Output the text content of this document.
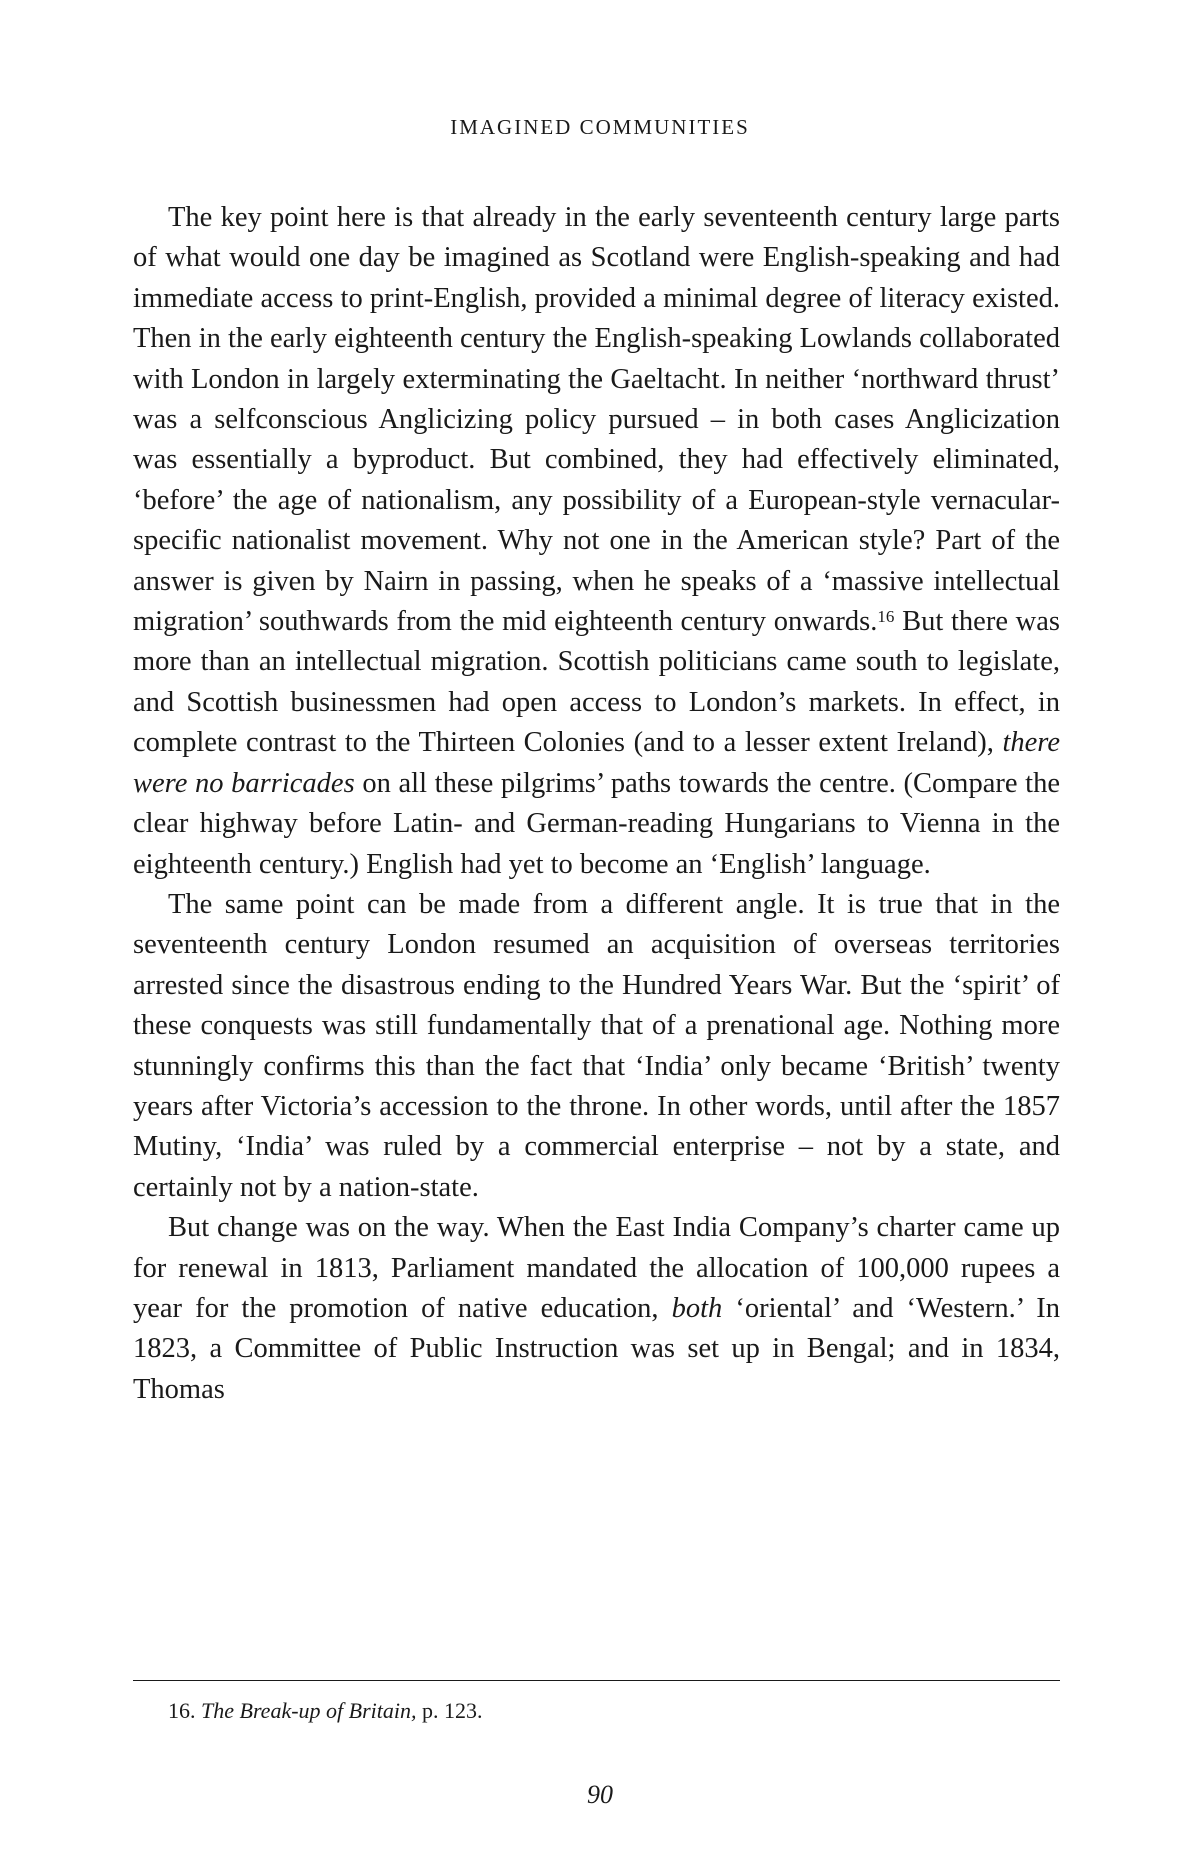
IMAGINED COMMUNITIES

The key point here is that already in the early seventeenth century large parts of what would one day be imagined as Scotland were English-speaking and had immediate access to print-English, provided a minimal degree of literacy existed. Then in the early eighteenth century the English-speaking Lowlands collaborated with London in largely exterminating the Gaeltacht. In neither ‘northward thrust’ was a selfconscious Anglicizing policy pursued – in both cases Anglicization was essentially a byproduct. But combined, they had effectively eliminated, ‘before’ the age of nationalism, any possibility of a European-style vernacular-specific nationalist movement. Why not one in the American style? Part of the answer is given by Nairn in passing, when he speaks of a ‘massive intellectual migration’ southwards from the mid eighteenth century onwards.$^{16}$ But there was more than an intellectual migration. Scottish politicians came south to legislate, and Scottish businessmen had open access to London’s markets. In effect, in complete contrast to the Thirteen Colonies (and to a lesser extent Ireland), there were no barricades on all these pilgrims’ paths towards the centre. (Compare the clear highway before Latin- and German-reading Hungarians to Vienna in the eighteenth century.) English had yet to become an ‘English’ language.

The same point can be made from a different angle. It is true that in the seventeenth century London resumed an acquisition of overseas territories arrested since the disastrous ending to the Hundred Years War. But the ‘spirit’ of these conquests was still fundamentally that of a prenational age. Nothing more stunningly confirms this than the fact that ‘India’ only became ‘British’ twenty years after Victoria’s accession to the throne. In other words, until after the 1857 Mutiny, ‘India’ was ruled by a commercial enterprise – not by a state, and certainly not by a nation-state.

But change was on the way. When the East India Company’s charter came up for renewal in 1813, Parliament mandated the allocation of 100,000 rupees a year for the promotion of native education, both ‘oriental’ and ‘Western.’ In 1823, a Committee of Public Instruction was set up in Bengal; and in 1834, Thomas

16. The Break-up of Britain, p. 123.
90
